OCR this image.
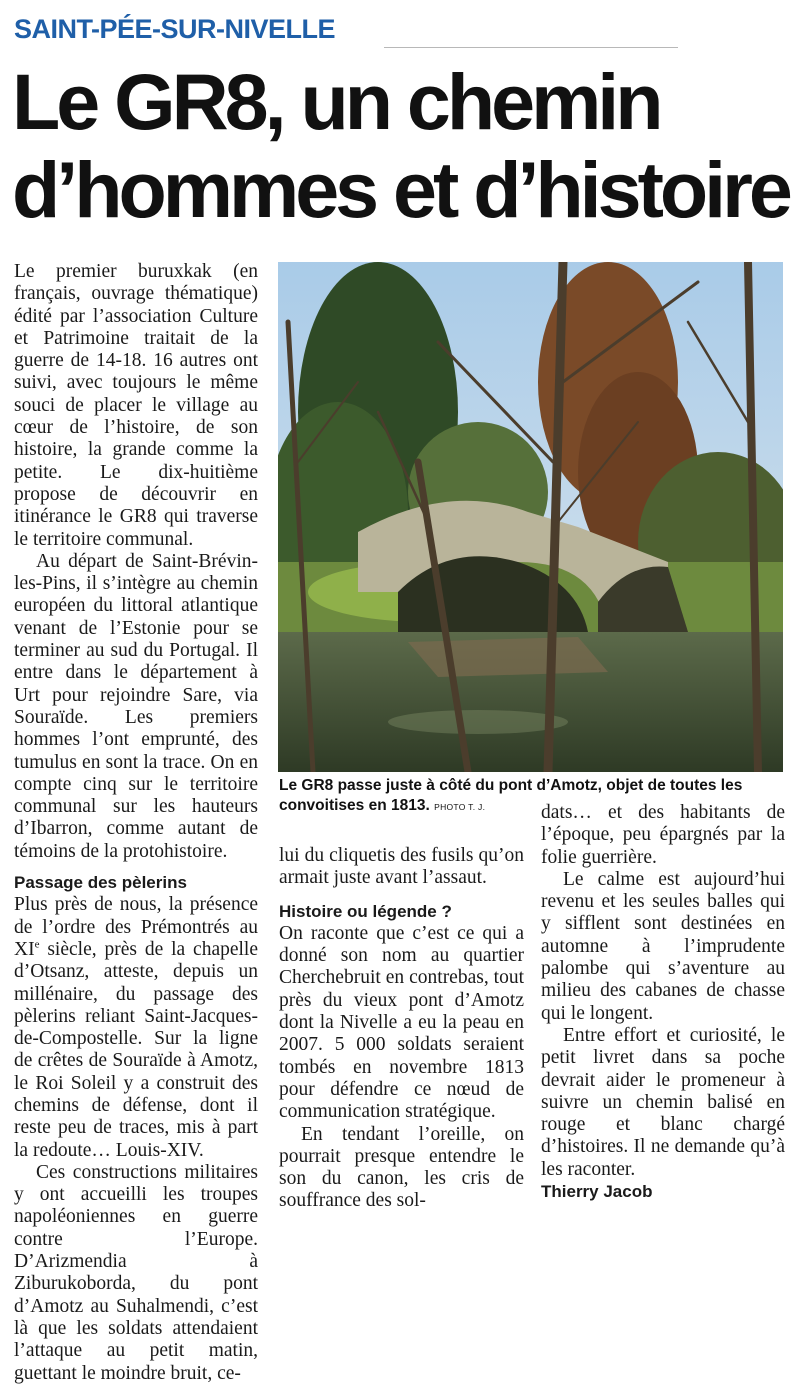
SAINT-PÉE-SUR-NIVELLE
Le GR8, un chemin
d’hommes et d’histoire

Le premier buruxkak (en français, ouvrage thématique) édité par l’association Culture et Patrimoine traitait de la guerre de 14-18. 16 autres ont suivi, avec toujours le même souci de placer le village au cœur de l’histoire, de son histoire, la grande comme la petite. Le dix-huitième propose de découvrir en itinérance le GR8 qui traverse le territoire communal.

Au départ de Saint-Brévin-les-Pins, il s’intègre au chemin européen du littoral atlantique venant de l’Estonie pour se terminer au sud du Portugal. Il entre dans le département à Urt pour rejoindre Sare, via Souraïde. Les premiers hommes l’ont emprunté, des tumulus en sont la trace. On en compte cinq sur le territoire communal sur les hauteurs d’Ibarron, comme autant de témoins de la protohistoire.

Passage des pèlerins

Plus près de nous, la présence de l’ordre des Prémontrés au XIe siècle, près de la chapelle d’Otsanz, atteste, depuis un millénaire, du passage des pèlerins reliant Saint-Jacques-de-Compostelle. Sur la ligne de crêtes de Souraïde à Amotz, le Roi Soleil y a construit des chemins de défense, dont il reste peu de traces, mis à part la redoute… Louis-XIV.

Ces constructions militaires y ont accueilli les troupes napoléoniennes en guerre contre l’Europe. D’Arizmendia à Ziburukoborda, du pont d’Amotz au Suhalmendi, c’est là que les soldats attendaient l’attaque au petit matin, guettant le moindre bruit, ce-

Le GR8 passe juste à côté du pont d’Amotz, objet de toutes les convoitises en 1813. PHOTO T. J.

lui du cliquetis des fusils qu’on armait juste avant l’assaut.

Histoire ou légende ?

On raconte que c’est ce qui a donné son nom au quartier Cherchebruit en contrebas, tout près du vieux pont d’Amotz dont la Nivelle a eu la peau en 2007. 5 000 soldats seraient tombés en novembre 1813 pour défendre ce nœud de communication stratégique.

En tendant l’oreille, on pourrait presque entendre le son du canon, les cris de souffrance des sol-

dats… et des habitants de l’époque, peu épargnés par la folie guerrière.

Le calme est aujourd’hui revenu et les seules balles qui y sifflent sont destinées en automne à l’imprudente palombe qui s’aventure au milieu des cabanes de chasse qui le longent.

Entre effort et curiosité, le petit livret dans sa poche devrait aider le promeneur à suivre un chemin balisé en rouge et blanc chargé d’histoires. Il ne demande qu’à les raconter.

Thierry Jacob
